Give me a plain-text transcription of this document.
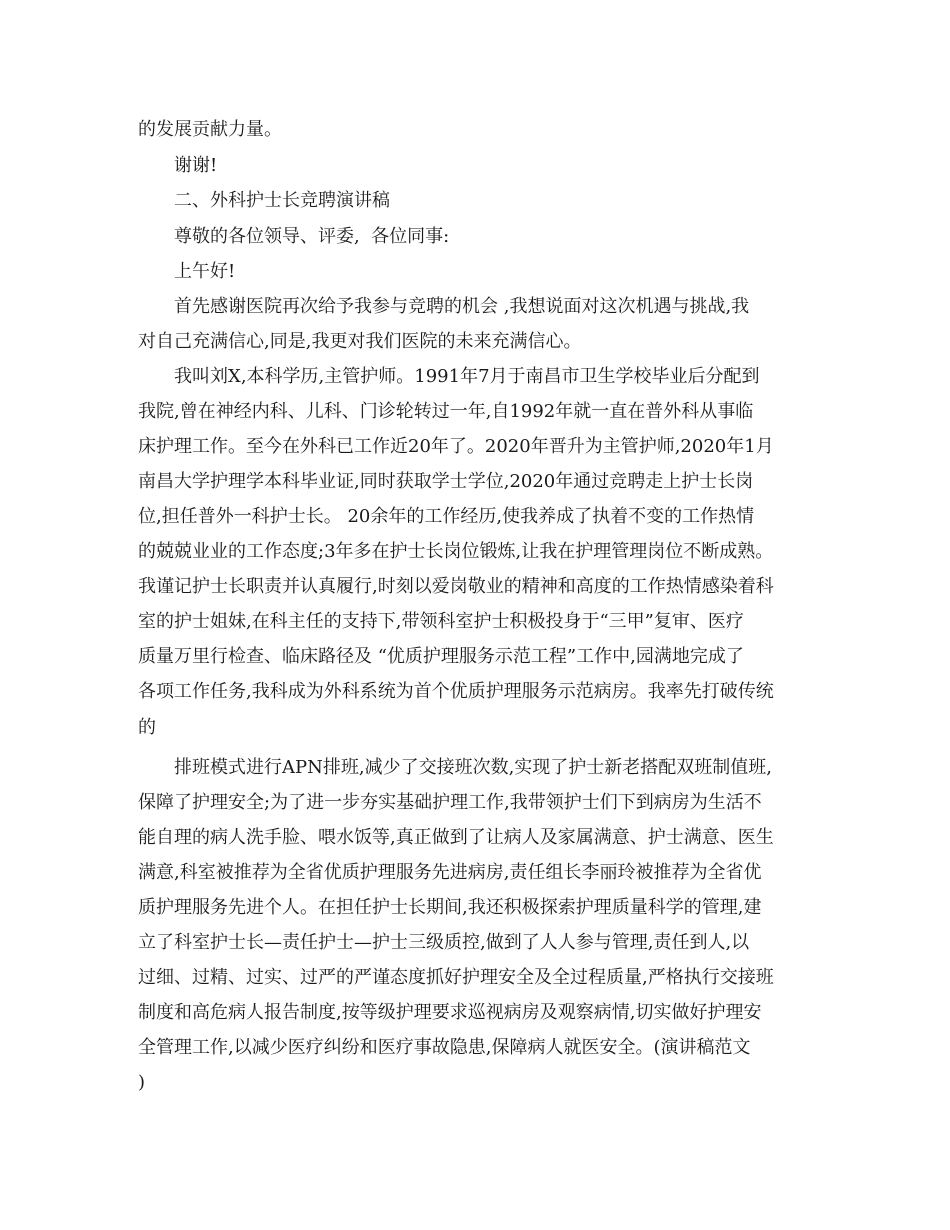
的发展贡献力量。
谢谢!
二、外科护士长竞聘演讲稿
尊敬的各位领导、评委,  各位同事:
上午好!
首先感谢医院再次给予我参与竞聘的机会 ,我想说面对这次机遇与挑战,我
对自己充满信心,同是,我更对我们医院的未来充满信心。
我叫刘X,本科学历,主管护师。1991年7月于南昌市卫生学校毕业后分配到
我院,曾在神经内科、儿科、门诊轮转过一年,自1992年就一直在普外科从事临
床护理工作。至今在外科已工作近20年了。2020年晋升为主管护师,2020年1月
南昌大学护理学本科毕业证,同时获取学士学位,2020年通过竞聘走上护士长岗
位,担任普外一科护士长。 20余年的工作经历,使我养成了执着不变的工作热情
的兢兢业业的工作态度;3年多在护士长岗位锻炼,让我在护理管理岗位不断成熟。
我谨记护士长职责并认真履行,时刻以爱岗敬业的精神和高度的工作热情感染着科
室的护士姐妹,在科主任的支持下,带领科室护士积极投身于“三甲”复审、医疗
质量万里行检查、临床路径及 “优质护理服务示范工程”工作中,园满地完成了
各项工作任务,我科成为外科系统为首个优质护理服务示范病房。我率先打破传统
的
排班模式进行APN排班,减少了交接班次数,实现了护士新老搭配双班制值班,
保障了护理安全;为了进一步夯实基础护理工作,我带领护士们下到病房为生活不
能自理的病人洗手脸、喂水饭等,真正做到了让病人及家属满意、护士满意、医生
满意,科室被推荐为全省优质护理服务先进病房,责任组长李丽玲被推荐为全省优
质护理服务先进个人。在担任护士长期间,我还积极探索护理质量科学的管理,建
立了科室护士长—责任护士—护士三级质控,做到了人人参与管理,责任到人,以
过细、过精、过实、过严的严谨态度抓好护理安全及全过程质量,严格执行交接班
制度和高危病人报告制度,按等级护理要求巡视病房及观察病情,切实做好护理安
全管理工作,以减少医疗纠纷和医疗事故隐患,保障病人就医安全。(演讲稿范文
)
